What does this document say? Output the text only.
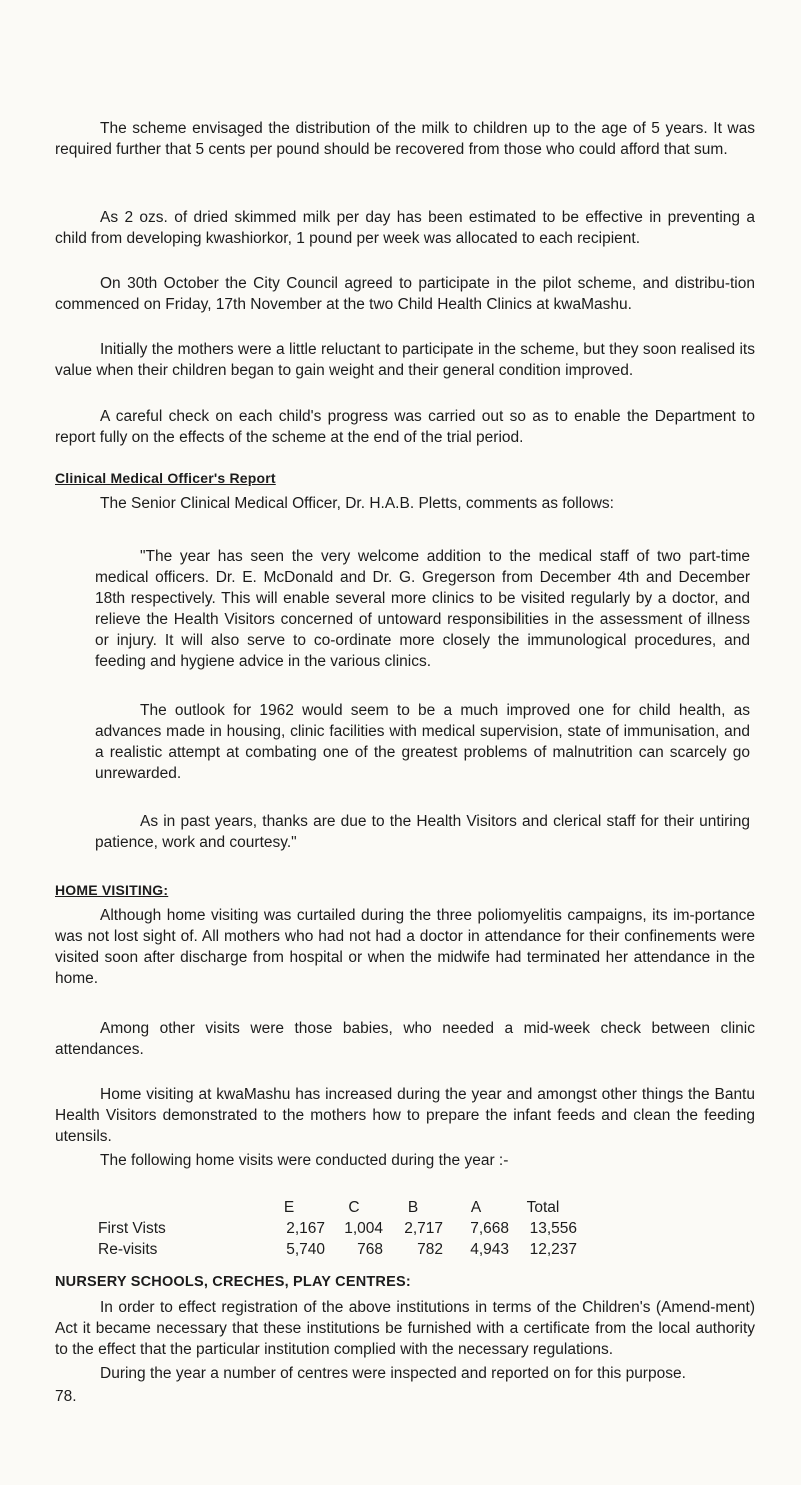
The scheme envisaged the distribution of the milk to children up to the age of 5 years. It was required further that 5 cents per pound should be recovered from those who could afford that sum.

As 2 ozs. of dried skimmed milk per day has been estimated to be effective in preventing a child from developing kwashiorkor, 1 pound per week was allocated to each recipient.

On 30th October the City Council agreed to participate in the pilot scheme, and distribu-tion commenced on Friday, 17th November at the two Child Health Clinics at kwaMashu.

Initially the mothers were a little reluctant to participate in the scheme, but they soon realised its value when their children began to gain weight and their general condition improved.

A careful check on each child's progress was carried out so as to enable the Department to report fully on the effects of the scheme at the end of the trial period.

Clinical Medical Officer's Report

The Senior Clinical Medical Officer, Dr. H.A.B. Pletts, comments as follows:

"The year has seen the very welcome addition to the medical staff of two part-time medical officers. Dr. E. McDonald and Dr. G. Gregerson from December 4th and December 18th respectively. This will enable several more clinics to be visited regularly by a doctor, and relieve the Health Visitors concerned of untoward responsibilities in the assessment of illness or injury. It will also serve to co-ordinate more closely the immunological procedures, and feeding and hygiene advice in the various clinics.

The outlook for 1962 would seem to be a much improved one for child health, as advances made in housing, clinic facilities with medical supervision, state of immunisation, and a realistic attempt at combating one of the greatest problems of malnutrition can scarcely go unrewarded.

As in past years, thanks are due to the Health Visitors and clerical staff for their untiring patience, work and courtesy."

HOME VISITING:

Although home visiting was curtailed during the three poliomyelitis campaigns, its im-portance was not lost sight of. All mothers who had not had a doctor in attendance for their confinements were visited soon after discharge from hospital or when the midwife had terminated her attendance in the home.

Among other visits were those babies, who needed a mid-week check between clinic attendances.

Home visiting at kwaMashu has increased during the year and amongst other things the Bantu Health Visitors demonstrated to the mothers how to prepare the infant feeds and clean the feeding utensils.

The following home visits were conducted during the year :-

	E	C	B	A	Total
First Vists	2,167	1,004	2,717	7,668	13,556
Re-visits	5,740	768	782	4,943	12,237
NURSERY SCHOOLS, CRECHES, PLAY CENTRES:

In order to effect registration of the above institutions in terms of the Children's (Amend-ment) Act it became necessary that these institutions be furnished with a certificate from the local authority to the effect that the particular institution complied with the necessary regulations.

During the year a number of centres were inspected and reported on for this purpose.

78.
